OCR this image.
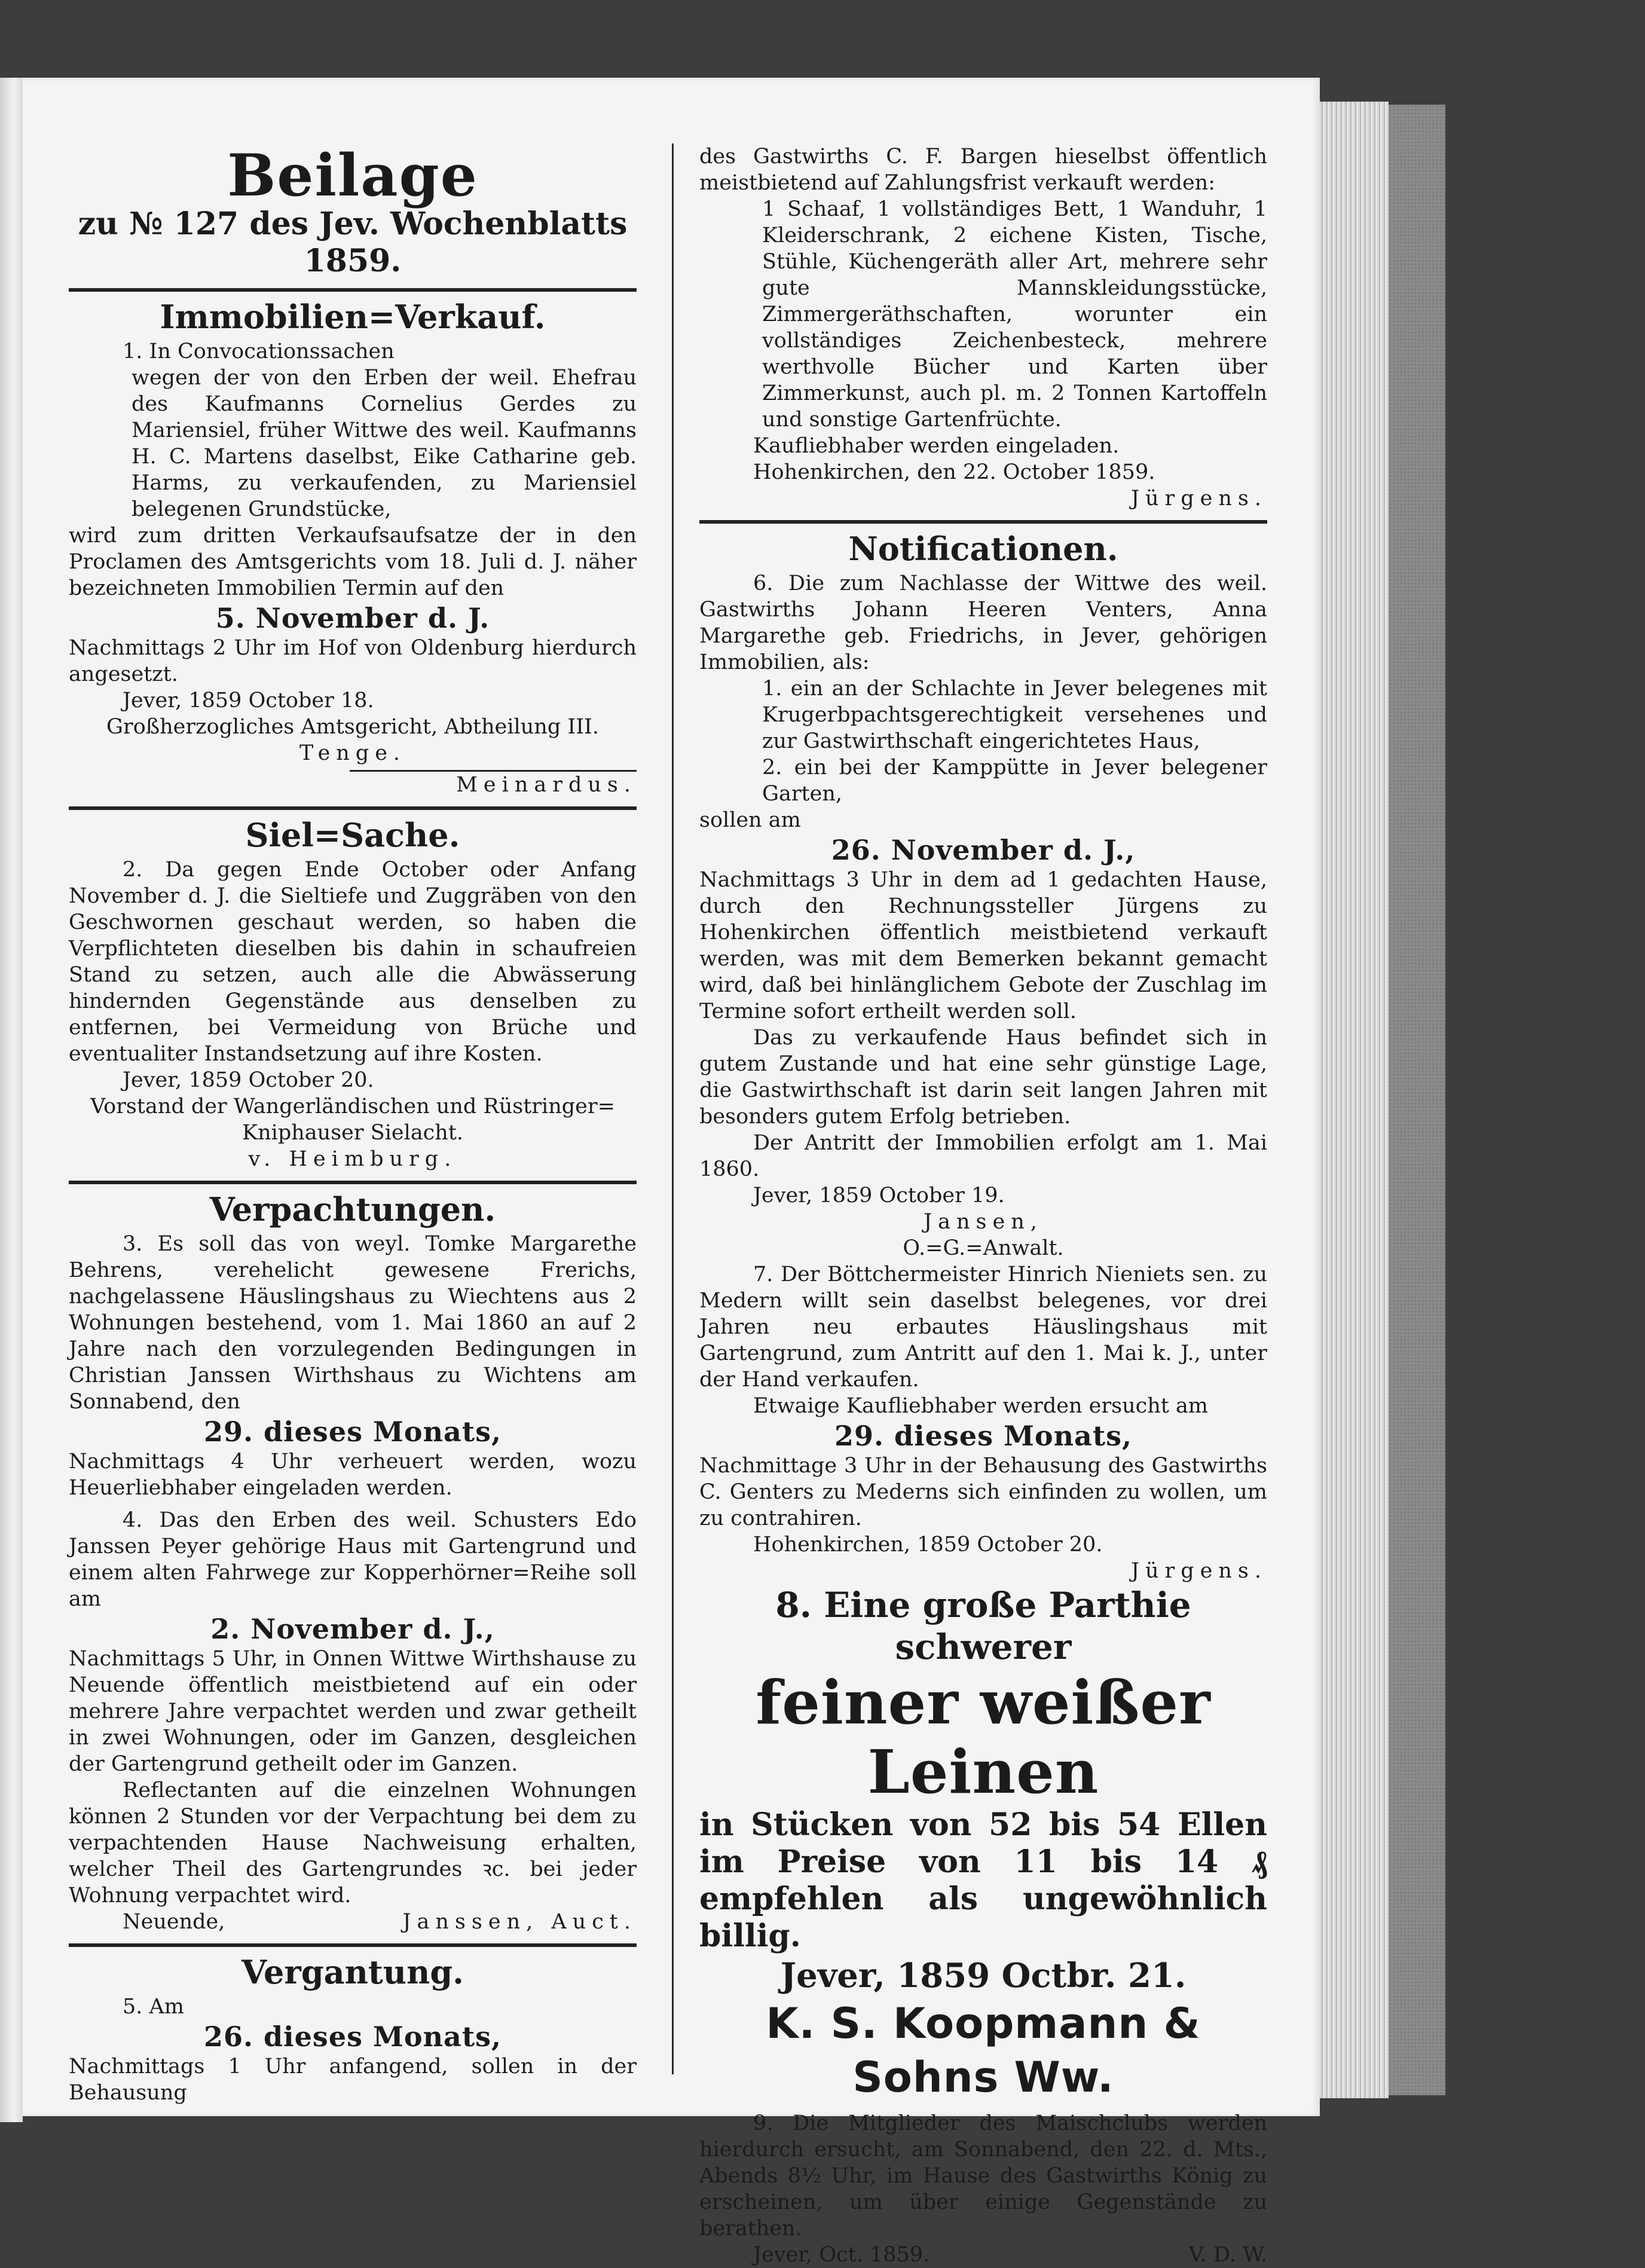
Beilage
zu № 127 des Jev. Wochenblatts 1859.
Immobilien=Verkauf.

1. In Convocationssachen

wegen der von den Erben der weil. Ehefrau des Kaufmanns Cornelius Gerdes zu Mariensiel, früher Wittwe des weil. Kaufmanns H. C. Martens daselbst, Eike Catharine geb. Harms, zu verkaufenden, zu Mariensiel belegenen Grundstücke,

wird zum dritten Verkaufsaufsatze der in den Proclamen des Amtsgerichts vom 18. Juli d. J. näher bezeichneten Immobilien Termin auf den

5. November d. J.

Nachmittags 2 Uhr im Hof von Oldenburg hierdurch angesetzt.

Jever, 1859 October 18.

Großherzogliches Amtsgericht, Abtheilung III.

Tenge.

Meinardus.

Siel=Sache.

2. Da gegen Ende October oder Anfang November d. J. die Sieltiefe und Zuggräben von den Geschwornen geschaut werden, so haben die Verpflichteten dieselben bis dahin in schaufreien Stand zu setzen, auch alle die Abwässerung hindernden Gegenstände aus denselben zu entfernen, bei Vermeidung von Brüche und eventualiter Instandsetzung auf ihre Kosten.

Jever, 1859 October 20.

Vorstand der Wangerländischen und Rüstringer=

Kniphauser Sielacht.

v. Heimburg.

Verpachtungen.

3. Es soll das von weyl. Tomke Margarethe Behrens, verehelicht gewesene Frerichs, nachgelassene Häuslingshaus zu Wiechtens aus 2 Wohnungen bestehend, vom 1. Mai 1860 an auf 2 Jahre nach den vorzulegenden Bedingungen in Christian Janssen Wirthshaus zu Wichtens am Sonnabend, den

29. dieses Monats,

Nachmittags 4 Uhr verheuert werden, wozu Heuerliebhaber eingeladen werden.

4. Das den Erben des weil. Schusters Edo Janssen Peyer gehörige Haus mit Gartengrund und einem alten Fahrwege zur Kopperhörner=Reihe soll am

2. November d. J.,

Nachmittags 5 Uhr, in Onnen Wittwe Wirthshause zu Neuende öffentlich meistbietend auf ein oder mehrere Jahre verpachtet werden und zwar getheilt in zwei Wohnungen, oder im Ganzen, desgleichen der Gartengrund getheilt oder im Ganzen.

Reflectanten auf die einzelnen Wohnungen können 2 Stunden vor der Verpachtung bei dem zu verpachtenden Hause Nachweisung erhalten, welcher Theil des Gartengrundes ꝛc. bei jeder Wohnung verpachtet wird.

Neuende,	Janssen, Auct.

Vergantung.

5. Am

26. dieses Monats,

Nachmittags 1 Uhr anfangend, sollen in der Behausung

des Gastwirths C. F. Bargen hieselbst öffentlich meistbietend auf Zahlungsfrist verkauft werden:

1 Schaaf, 1 vollständiges Bett, 1 Wanduhr, 1 Kleiderschrank, 2 eichene Kisten, Tische, Stühle, Küchengeräth aller Art, mehrere sehr gute Mannskleidungsstücke, Zimmergeräthschaften, worunter ein vollständiges Zeichenbesteck, mehrere werthvolle Bücher und Karten über Zimmerkunst, auch pl. m. 2 Tonnen Kartoffeln und sonstige Gartenfrüchte.

Kaufliebhaber werden eingeladen.

Hohenkirchen, den 22. October 1859.

Jürgens.

Notificationen.

6. Die zum Nachlasse der Wittwe des weil. Gastwirths Johann Heeren Venters, Anna Margarethe geb. Friedrichs, in Jever, gehörigen Immobilien, als:

1. ein an der Schlachte in Jever belegenes mit Krugerbpachtsgerechtigkeit versehenes und zur Gastwirthschaft eingerichtetes Haus,

2. ein bei der Kamppütte in Jever belegener Garten,

sollen am

26. November d. J.,

Nachmittags 3 Uhr in dem ad 1 gedachten Hause, durch den Rechnungssteller Jürgens zu Hohenkirchen öffentlich meistbietend verkauft werden, was mit dem Bemerken bekannt gemacht wird, daß bei hinlänglichem Gebote der Zuschlag im Termine sofort ertheilt werden soll.

Das zu verkaufende Haus befindet sich in gutem Zustande und hat eine sehr günstige Lage, die Gastwirthschaft ist darin seit langen Jahren mit besonders gutem Erfolg betrieben.

Der Antritt der Immobilien erfolgt am 1. Mai 1860.

Jever, 1859 October 19.

Jansen,

O.=G.=Anwalt.

7. Der Böttchermeister Hinrich Nieniets sen. zu Medern willt sein daselbst belegenes, vor drei Jahren neu erbautes Häuslingshaus mit Gartengrund, zum Antritt auf den 1. Mai k. J., unter der Hand verkaufen.

Etwaige Kaufliebhaber werden ersucht am

29. dieses Monats,

Nachmittage 3 Uhr in der Behausung des Gastwirths C. Genters zu Mederns sich einfinden zu wollen, um zu contrahiren.

Hohenkirchen, 1859 October 20.

Jürgens.

8. Eine große Parthie schwerer
feiner weißer Leinen
in Stücken von 52 bis 54 Ellen im Preise von 11 bis 14 ₰ empfehlen als ungewöhnlich billig.
Jever, 1859 Octbr. 21.
K. S. Koopmann & Sohns Ww.

9. Die Mitglieder des Maischclubs werden hierdurch ersucht, am Sonnabend, den 22. d. Mts., Abends 8½ Uhr, im Hause des Gastwirths König zu erscheinen, um über einige Gegenstände zu berathen.

Jever, Oct. 1859.	V. D. W.
